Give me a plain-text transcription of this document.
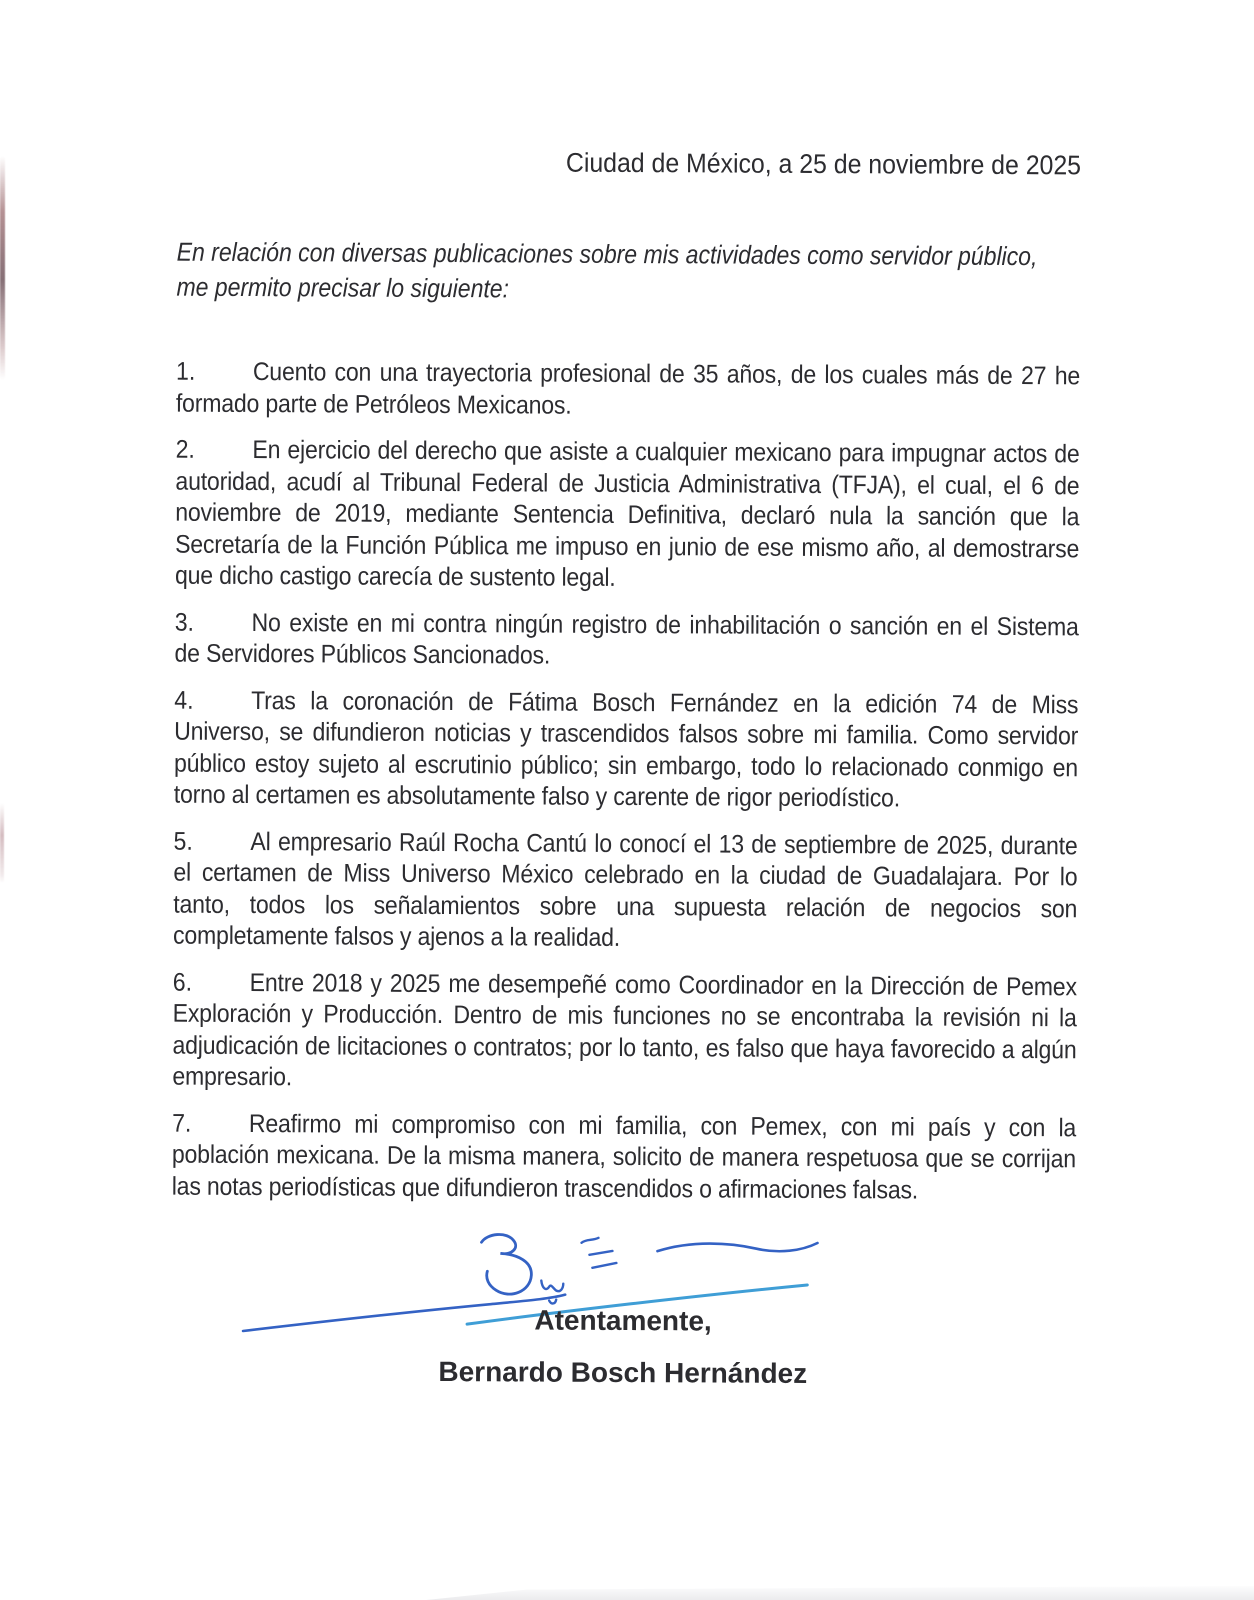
Ciudad de México, a 25 de noviembre de 2025
En relación con diversas publicaciones sobre mis actividades como servidor público,
me permito precisar lo siguiente:

1. Cuento con una trayectoria profesional de 35 años, de los cuales más de 27 he formado parte de Petróleos Mexicanos.

2. En ejercicio del derecho que asiste a cualquier mexicano para impugnar actos de autoridad, acudí al Tribunal Federal de Justicia Administrativa (TFJA), el cual, el 6 de noviembre de 2019, mediante Sentencia Definitiva, declaró nula la sanción que la Secretaría de la Función Pública me impuso en junio de ese mismo año, al demostrarse que dicho castigo carecía de sustento legal.

3. No existe en mi contra ningún registro de inhabilitación o sanción en el Sistema de Servidores Públicos Sancionados.

4. Tras la coronación de Fátima Bosch Fernández en la edición 74 de Miss Universo, se difundieron noticias y trascendidos falsos sobre mi familia. Como servidor público estoy sujeto al escrutinio público; sin embargo, todo lo relacionado conmigo en torno al certamen es absolutamente falso y carente de rigor periodístico.

5. Al empresario Raúl Rocha Cantú lo conocí el 13 de septiembre de 2025, durante el certamen de Miss Universo México celebrado en la ciudad de Guadalajara. Por lo tanto, todos los señalamientos sobre una supuesta relación de negocios son completamente falsos y ajenos a la realidad.

6. Entre 2018 y 2025 me desempeñé como Coordinador en la Dirección de Pemex Exploración y Producción. Dentro de mis funciones no se encontraba la revisión ni la adjudicación de licitaciones o contratos; por lo tanto, es falso que haya favorecido a algún empresario.

7. Reafirmo mi compromiso con mi familia, con Pemex, con mi país y con la población mexicana. De la misma manera, solicito de manera respetuosa que se corrijan las notas periodísticas que difundieron trascendidos o afirmaciones falsas.

Atentamente,
Bernardo Bosch Hernández
